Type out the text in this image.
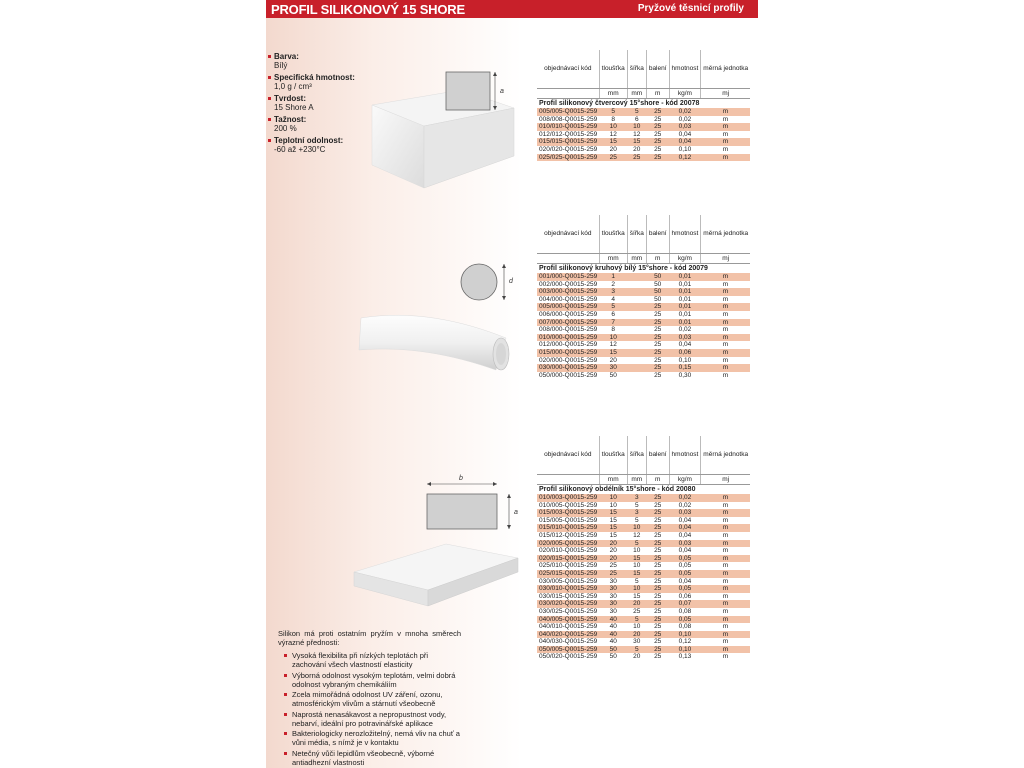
PROFIL SILIKONOVÝ 15 SHORE	Pryžové těsnicí profily
Barva:
Bílý
Specifická hmotnost:
1,0 g / cm³
Tvrdost:
15 Shore A
Tažnost:
200 %
Teplotní odolnost:
-60 až +230°C
a
d
b
a
objednávací kód	tloušťka	šířka	balení	hmotnost	měrná jednotka
	mm	mm	m	kg/m	mj
Profil silikonový čtvercový 15°shore - kód 20078					
005/005-Q0015-259	5	5	25	0,02	m
008/008-Q0015-259	8	6	25	0,02	m
010/010-Q0015-259	10	10	25	0,03	m
012/012-Q0015-259	12	12	25	0,04	m
015/015-Q0015-259	15	15	25	0,04	m
020/020-Q0015-259	20	20	25	0,10	m
025/025-Q0015-259	25	25	25	0,12	m
objednávací kód	tloušťka	šířka	balení	hmotnost	měrná jednotka
	mm	mm	m	kg/m	mj
Profil silikonový kruhový bílý 15°shore - kód 20079					
001/000-Q0015-259	1		50	0,01	m
002/000-Q0015-259	2		50	0,01	m
003/000-Q0015-259	3		50	0,01	m
004/000-Q0015-259	4		50	0,01	m
005/000-Q0015-259	5		25	0,01	m
006/000-Q0015-259	6		25	0,01	m
007/000-Q0015-259	7		25	0,01	m
008/000-Q0015-259	8		25	0,02	m
010/000-Q0015-259	10		25	0,03	m
012/000-Q0015-259	12		25	0,04	m
015/000-Q0015-259	15		25	0,06	m
020/000-Q0015-259	20		25	0,10	m
030/000-Q0015-259	30		25	0,15	m
050/000-Q0015-259	50		25	0,30	m
objednávací kód	tloušťka	šířka	balení	hmotnost	měrná jednotka
	mm	mm	m	kg/m	mj
Profil silikonový obdélník 15°shore - kód 20080					
010/003-Q0015-259	10	3	25	0,02	m
010/005-Q0015-259	10	5	25	0,02	m
015/003-Q0015-259	15	3	25	0,03	m
015/005-Q0015-259	15	5	25	0,04	m
015/010-Q0015-259	15	10	25	0,04	m
015/012-Q0015-259	15	12	25	0,04	m
020/005-Q0015-259	20	5	25	0,03	m
020/010-Q0015-259	20	10	25	0,04	m
020/015-Q0015-259	20	15	25	0,05	m
025/010-Q0015-259	25	10	25	0,05	m
025/015-Q0015-259	25	15	25	0,05	m
030/005-Q0015-259	30	5	25	0,04	m
030/010-Q0015-259	30	10	25	0,05	m
030/015-Q0015-259	30	15	25	0,06	m
030/020-Q0015-259	30	20	25	0,07	m
030/025-Q0015-259	30	25	25	0,08	m
040/005-Q0015-259	40	5	25	0,05	m
040/010-Q0015-259	40	10	25	0,08	m
040/020-Q0015-259	40	20	25	0,10	m
040/030-Q0015-259	40	30	25	0,12	m
050/005-Q0015-259	50	5	25	0,10	m
050/020-Q0015-259	50	20	25	0,13	m

Silikon má proti ostatním pryžím v mnoha směrech výrazné přednosti:

Vysoká flexibilita při nízkých teplotách při zachování všech vlastností elasticity
Výborná odolnost vysokým teplotám, velmi dobrá odolnost vybraným chemikáliím
Zcela mimořádná odolnost UV záření, ozonu, atmosférickým vlivům a stárnutí všeobecně
Naprostá nenasákavost a nepropustnost vody, nebarví, ideální pro potravinářské aplikace
Bakteriologicky nerozložitelný, nemá vliv na chuť a vůni média, s nímž je v kontaktu
Netečný vůči lepidlům všeobecně, výborné antiadhezní vlastnosti
